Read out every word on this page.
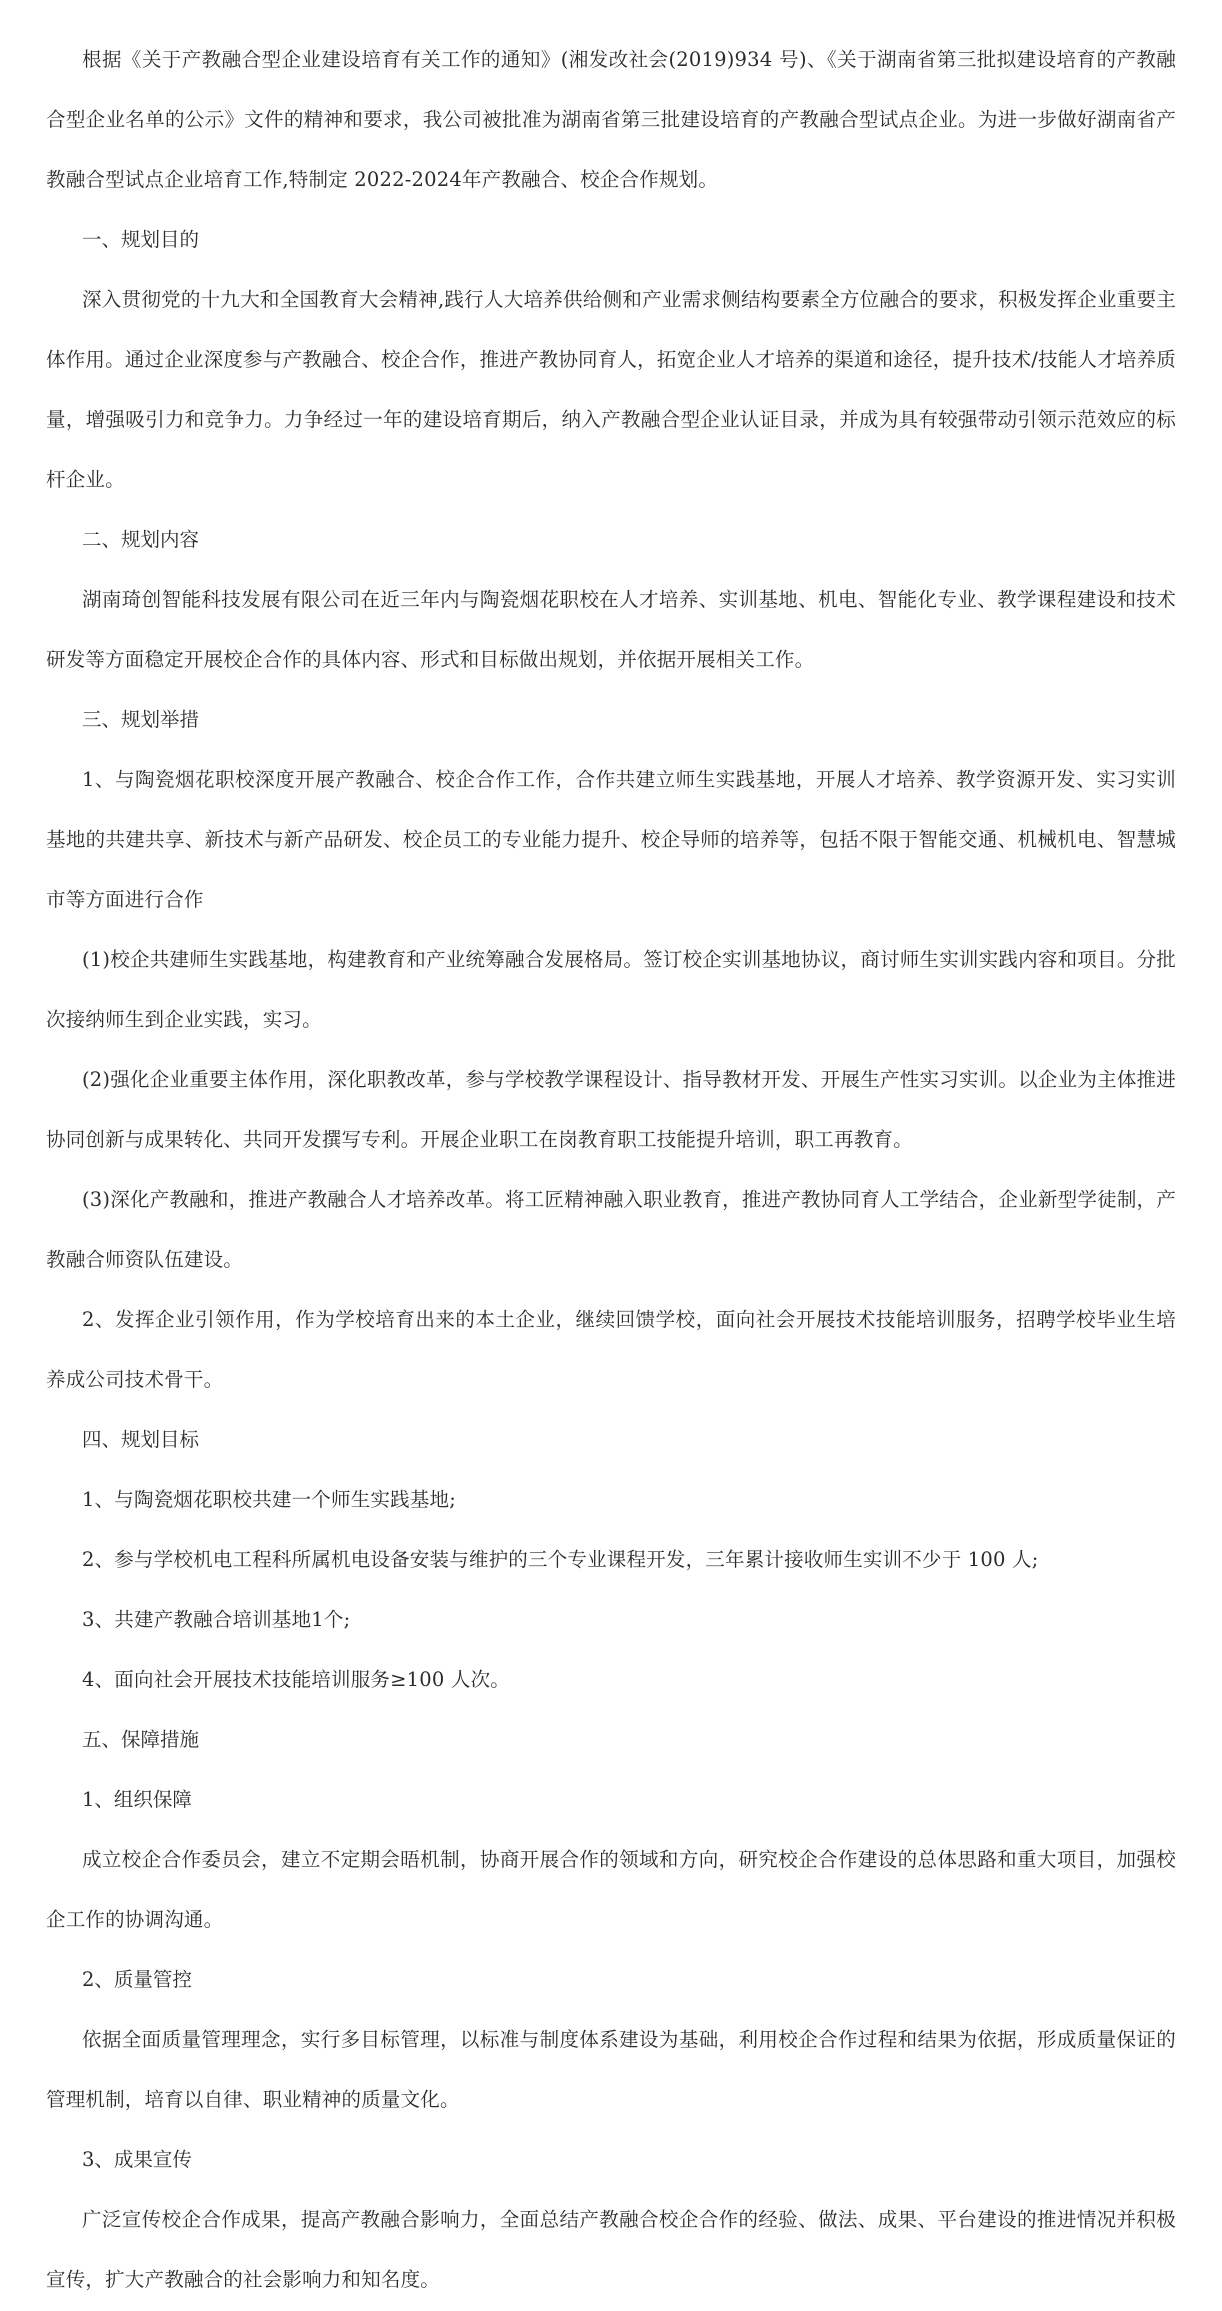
根据《关于产教融合型企业建设培育有关工作的通知》(湘发改社会(2019)934 号)、《关于湖南省第三批拟建设培育的产教融合型企业名单的公示》文件的精神和要求，我公司被批准为湖南省第三批建设培育的产教融合型试点企业。为进一步做好湖南省产教融合型试点企业培育工作,特制定 2022-2024年产教融合、校企合作规划。

一、规划目的

深入贯彻党的十九大和全国教育大会精神,践行人大培养供给侧和产业需求侧结构要素全方位融合的要求，积极发挥企业重要主体作用。通过企业深度参与产教融合、校企合作，推进产教协同育人，拓宽企业人才培养的渠道和途径，提升技术/技能人才培养质量，增强吸引力和竞争力。力争经过一年的建设培育期后，纳入产教融合型企业认证目录，并成为具有较强带动引领示范效应的标杆企业。

二、规划内容

湖南琦创智能科技发展有限公司在近三年内与陶瓷烟花职校在人才培养、实训基地、机电、智能化专业、教学课程建设和技术研发等方面稳定开展校企合作的具体内容、形式和目标做出规划，并依据开展相关工作。

三、规划举措

1、与陶瓷烟花职校深度开展产教融合、校企合作工作，合作共建立师生实践基地，开展人才培养、教学资源开发、实习实训基地的共建共享、新技术与新产品研发、校企员工的专业能力提升、校企导师的培养等，包括不限于智能交通、机械机电、智慧城市等方面进行合作

(1)校企共建师生实践基地，构建教育和产业统筹融合发展格局。签订校企实训基地协议，商讨师生实训实践内容和项目。分批次接纳师生到企业实践，实习。

(2)强化企业重要主体作用，深化职教改革，参与学校教学课程设计、指导教材开发、开展生产性实习实训。以企业为主体推进协同创新与成果转化、共同开发撰写专利。开展企业职工在岗教育职工技能提升培训，职工再教育。

(3)深化产教融和，推进产教融合人才培养改革。将工匠精神融入职业教育，推进产教协同育人工学结合，企业新型学徒制，产教融合师资队伍建设。

2、发挥企业引领作用，作为学校培育出来的本土企业，继续回馈学校，面向社会开展技术技能培训服务，招聘学校毕业生培养成公司技术骨干。

四、规划目标

1、与陶瓷烟花职校共建一个师生实践基地;

2、参与学校机电工程科所属机电设备安装与维护的三个专业课程开发，三年累计接收师生实训不少于 100 人;

3、共建产教融合培训基地1个;

4、面向社会开展技术技能培训服务≥100 人次。

五、保障措施

1、组织保障

成立校企合作委员会，建立不定期会晤机制，协商开展合作的领域和方向，研究校企合作建设的总体思路和重大项目，加强校企工作的协调沟通。

2、质量管控

依据全面质量管理理念，实行多目标管理，以标准与制度体系建设为基础，利用校企合作过程和结果为依据，形成质量保证的管理机制，培育以自律、职业精神的质量文化。

3、成果宣传

广泛宣传校企合作成果，提高产教融合影响力，全面总结产教融合校企合作的经验、做法、成果、平台建设的推进情况并积极宣传，扩大产教融合的社会影响力和知名度。
